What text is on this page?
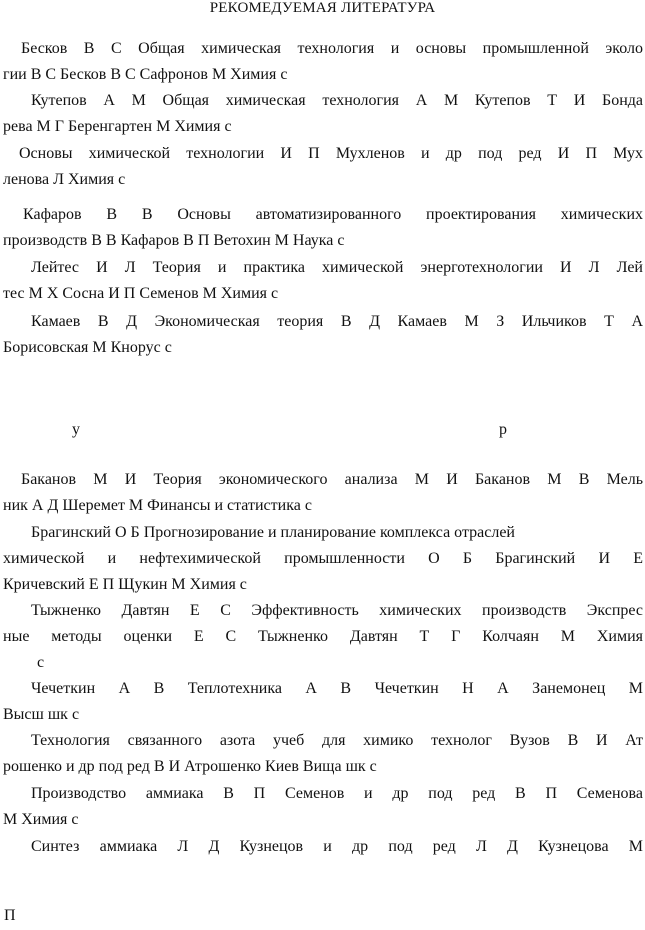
РЕКОМЕДУЕМАЯ ЛИТЕРАТУРА
Бесков В С Общая химическая технология и основы промышленной эколо
гии В С Бесков В С Сафронов М Химия с
Кутепов А М Общая химическая технология А М Кутепов Т И Бонда
рева М Г Беренгартен М Химия с
Основы химической технологии И П Мухленов и др под ред И П Мух
ленова Л Химия с
Кафаров В В Основы автоматизированного проектирования химических
производств В В Кафаров В П Ветохин М Наука с
Лейтес И Л Теория и практика химической энерготехнологии И Л Лей
тес М Х Сосна И П Семенов М Химия с
Камаев В Д Экономическая теория В Д Камаев М З Ильчиков Т А
Борисовская М Кнорус с
у	р
Баканов М И Теория экономического анализа М И Баканов М В Мель
ник А Д Шеремет М Финансы и статистика с
Брагинский О Б Прогнозирование и планирование комплекса отраслей
химической и нефтехимической промышленности О Б Брагинский И Е
Кричевский Е П Щукин М Химия с
Тыжненко Давтян Е С Эффективность химических производств Экспрес
ные методы оценки Е С Тыжненко Давтян Т Г Колчаян М Химия
с
Чечеткин А В Теплотехника А В Чечеткин Н А Занемонец М
Высш шк с
Технология связанного азота учеб для химико технолог Вузов В И Ат
рошенко и др под ред В И Атрошенко Киев Вища шк с
Производство аммиака В П Семенов и др под ред В П Семенова
М Химия с
Синтез аммиака Л Д Кузнецов и др под ред Л Д Кузнецова М
П
